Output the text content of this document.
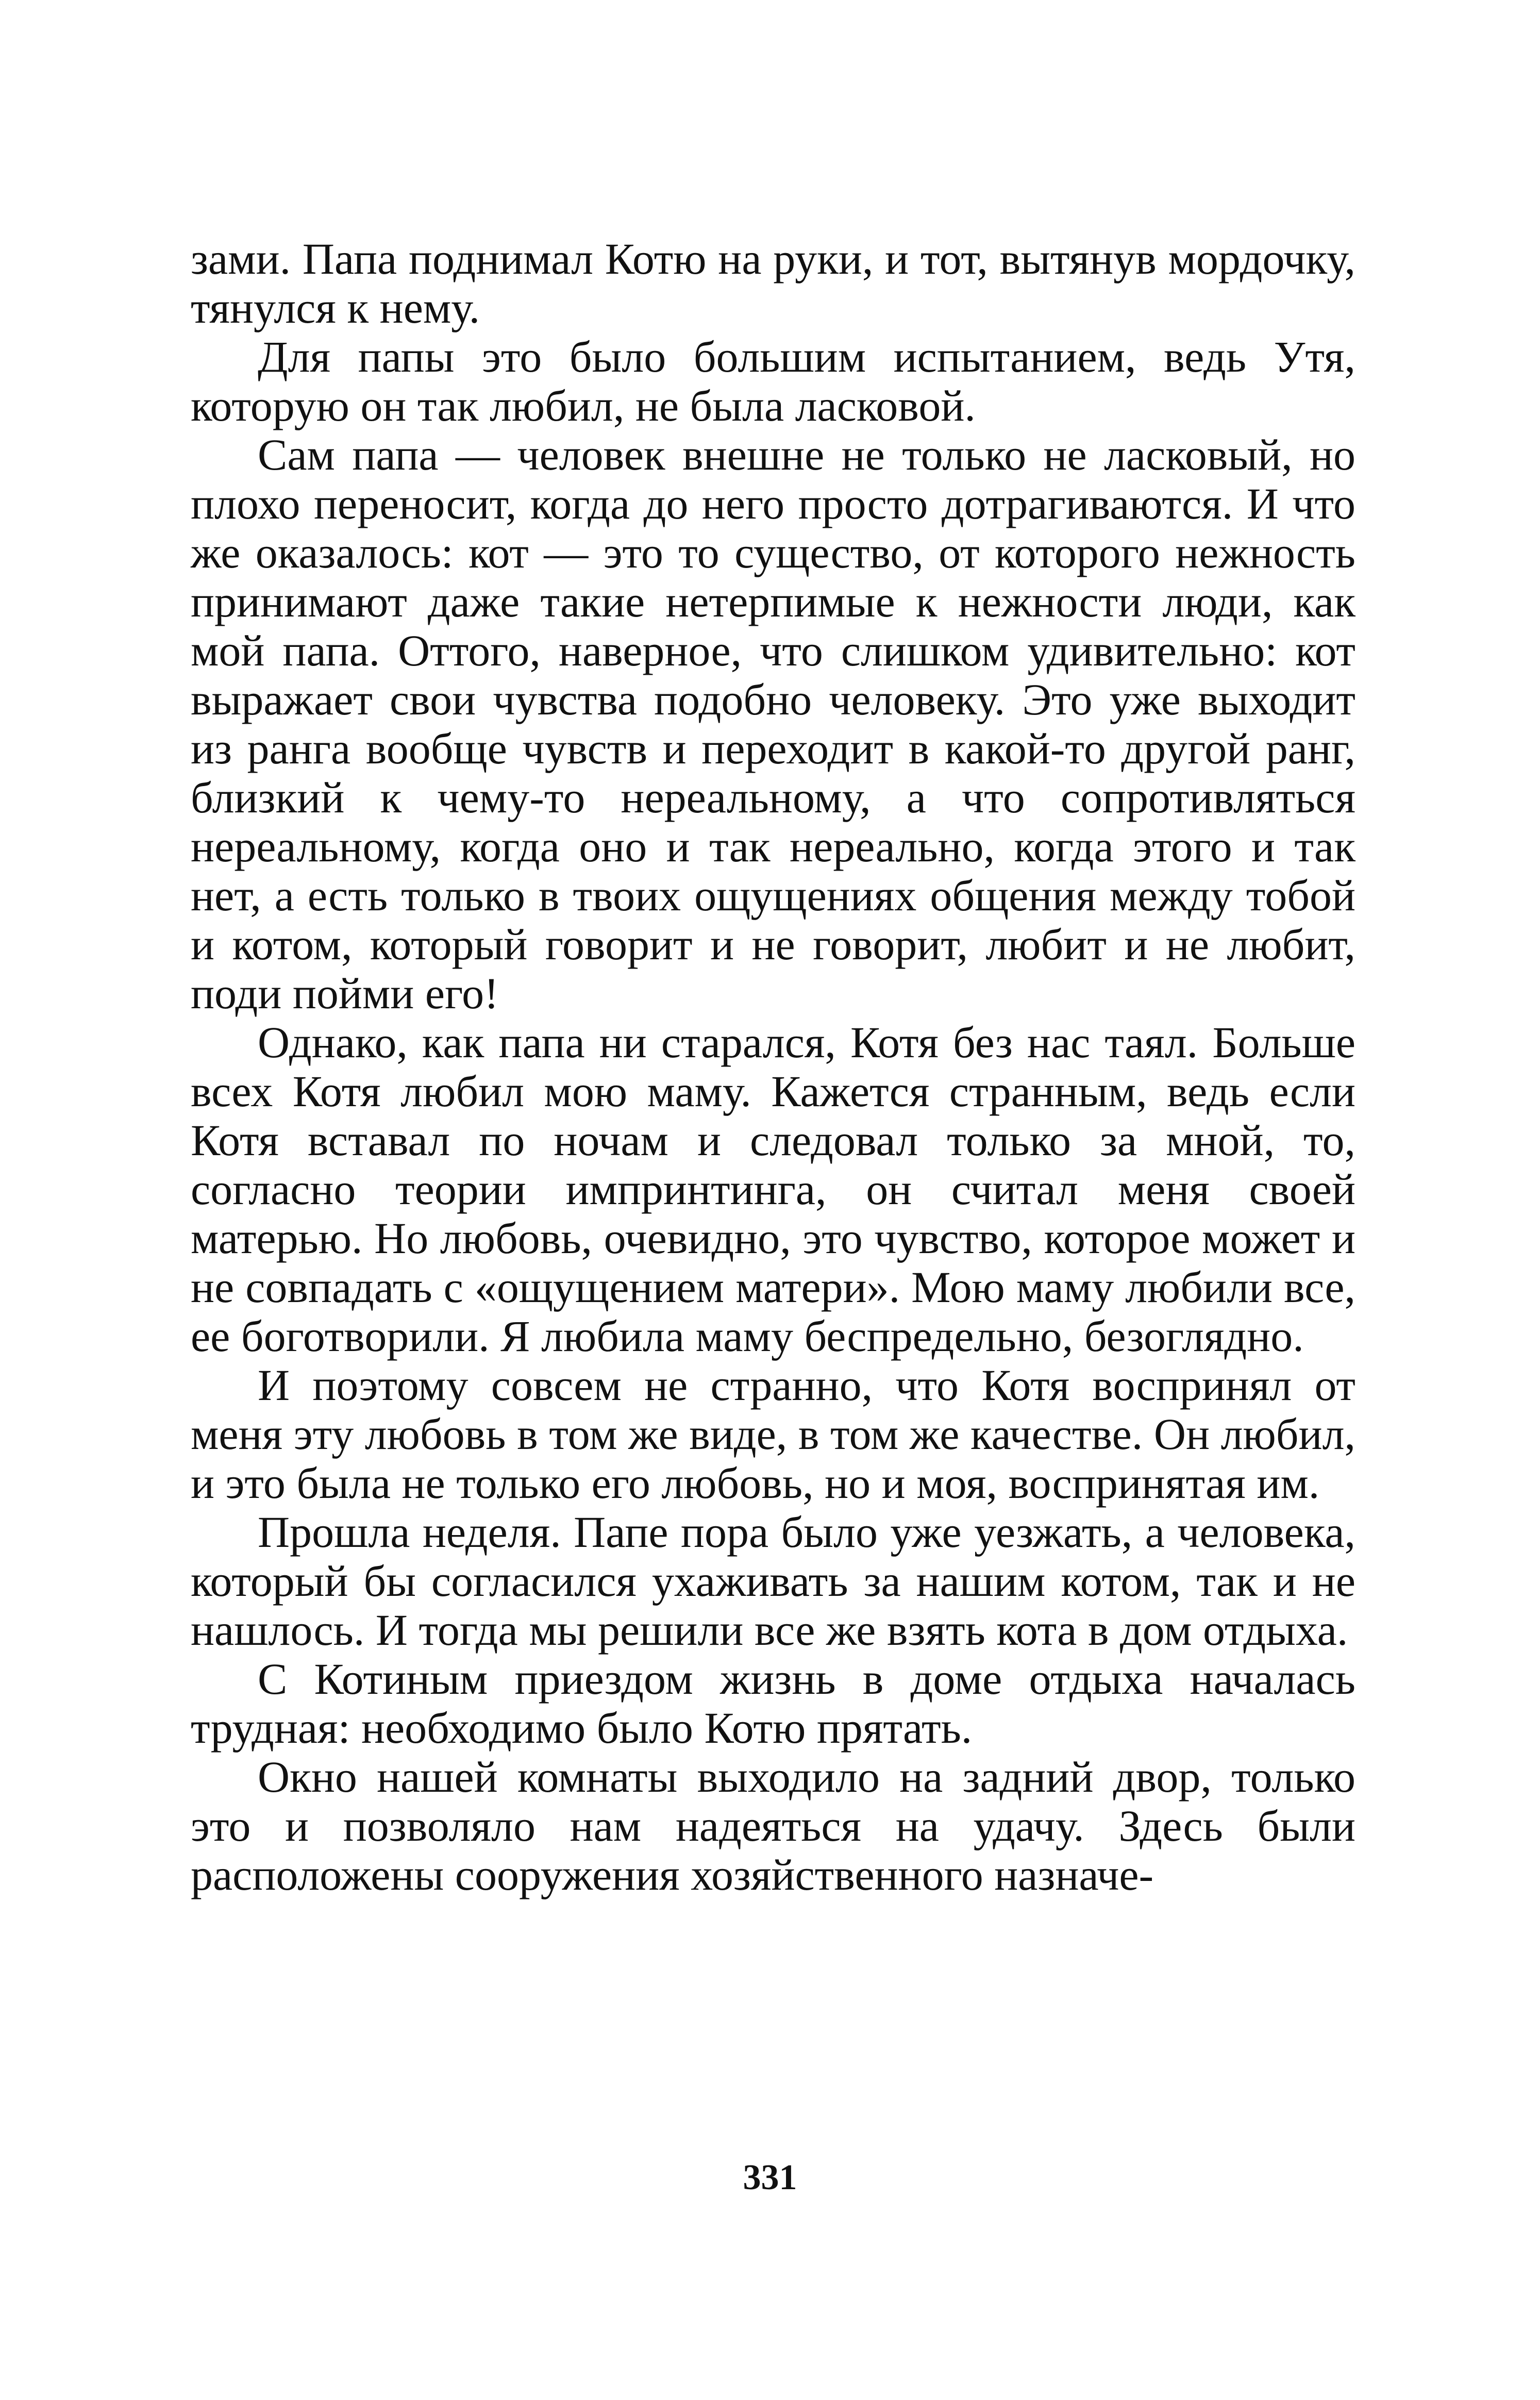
зами. Папа поднимал Котю на руки, и тот, вытянув мордочку, тянулся к нему.

Для папы это было большим испытанием, ведь Утя, которую он так любил, не была ласковой.

Сам папа — человек внешне не только не ласковый, но плохо переносит, когда до него просто дотрагиваются. И что же оказалось: кот — это то существо, от которого нежность принимают даже такие нетерпимые к нежности люди, как мой папа. Оттого, наверное, что слишком удивительно: кот выражает свои чувства подобно человеку. Это уже выходит из ранга вообще чувств и переходит в какой-то другой ранг, близкий к чему-то нереальному, а что сопротивляться нереальному, когда оно и так нереально, когда этого и так нет, а есть только в твоих ощущениях общения между тобой и котом, который говорит и не говорит, любит и не любит, поди пойми его!

Однако, как папа ни старался, Котя без нас таял. Больше всех Котя любил мою маму. Кажется странным, ведь если Котя вставал по ночам и следовал только за мной, то, согласно теории импринтинга, он считал меня своей матерью. Но любовь, очевидно, это чувство, которое может и не совпадать с «ощущением матери». Мою маму любили все, ее боготворили. Я любила маму беспредельно, безоглядно.

И поэтому совсем не странно, что Котя воспринял от меня эту любовь в том же виде, в том же качестве. Он любил, и это была не только его любовь, но и моя, воспринятая им.

Прошла неделя. Папе пора было уже уезжать, а человека, который бы согласился ухаживать за нашим котом, так и не нашлось. И тогда мы решили все же взять кота в дом отдыха.

С Котиным приездом жизнь в доме отдыха началась трудная: необходимо было Котю прятать.

Окно нашей комнаты выходило на задний двор, только это и позволяло нам надеяться на удачу. Здесь были расположены сооружения хозяйственного назначе-

331
